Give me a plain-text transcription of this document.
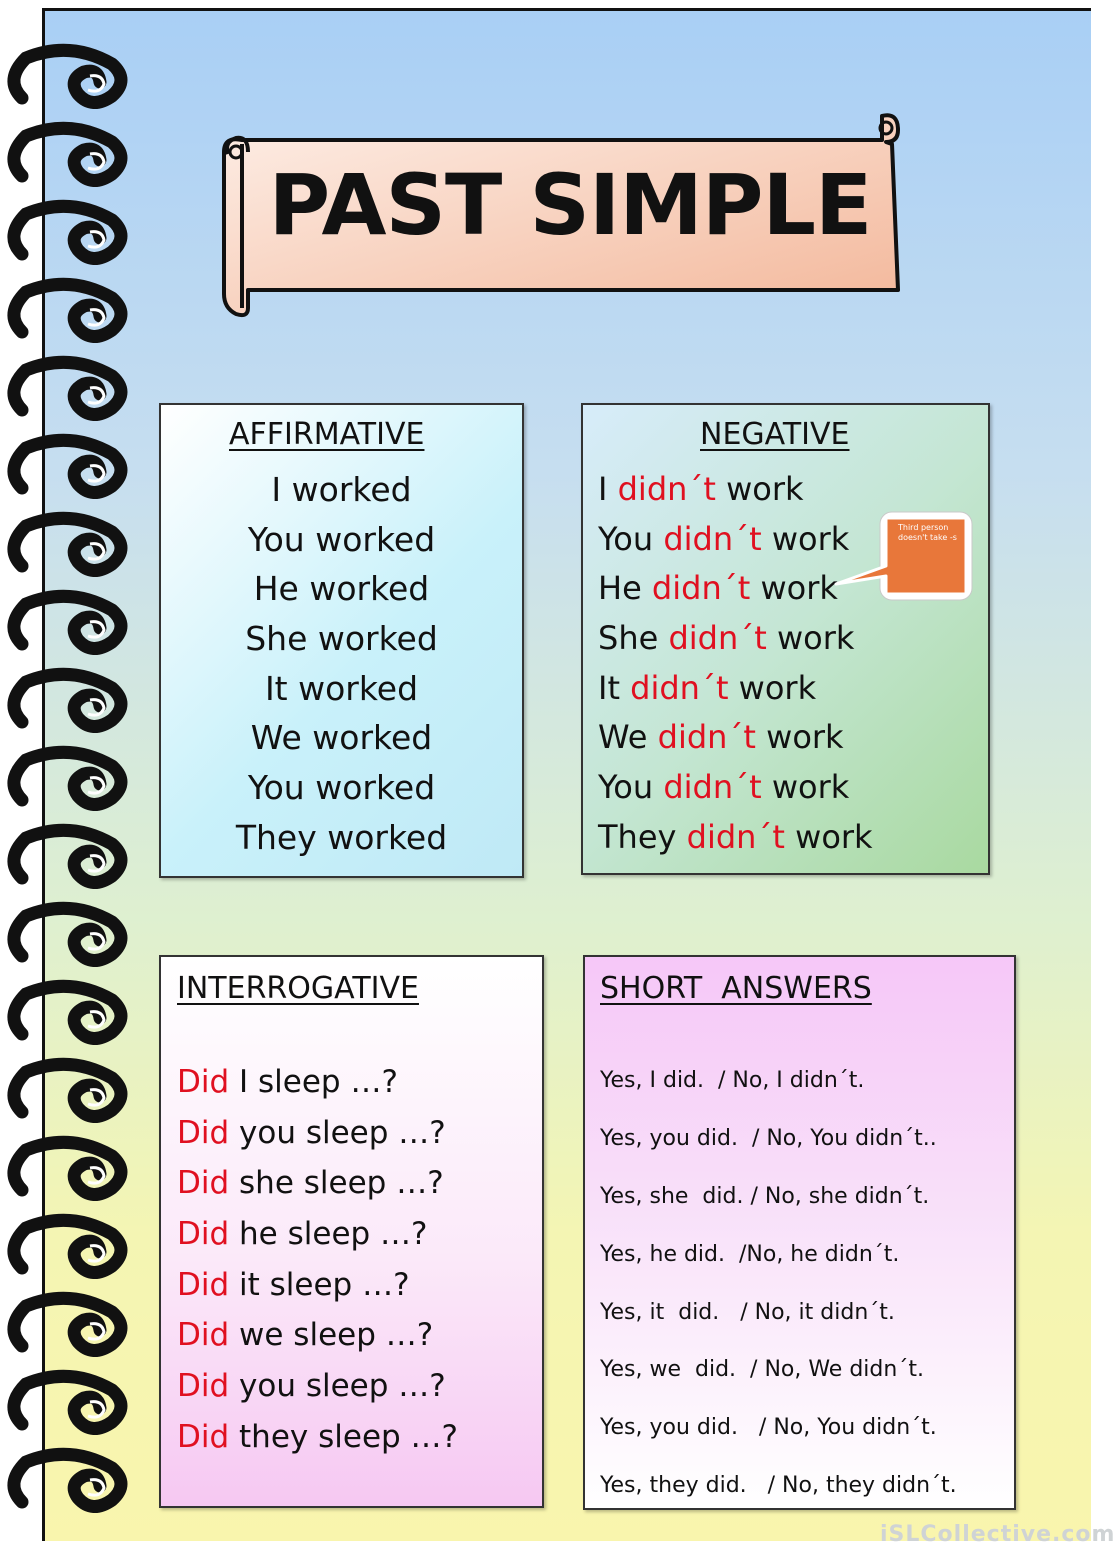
PAST SIMPLE
AFFIRMATIVE
I worked
You worked
He worked
She worked
It worked
We worked
You worked
They worked
NEGATIVE
I didn´t work
You didn´t work
He didn´t work
She didn´t work
It didn´t work
We didn´t work
You didn´t work
They didn´t work
Third person doesn't take -s
INTERROGATIVE
Did I sleep …?
Did you sleep …?
Did she sleep …?
Did he sleep …?
Did it sleep …?
Did we sleep …?
Did you sleep …?
Did they sleep …?
SHORT  ANSWERS
Yes, I did.  / No, I didn´t.
Yes, you did.  / No, You didn´t..
Yes, she  did. / No, she didn´t.
Yes, he did.  /No, he didn´t.
Yes, it  did.   / No, it didn´t.
Yes, we  did.  / No, We didn´t.
Yes, you did.   / No, You didn´t.
Yes, they did.   / No, they didn´t.
iSLCollective.com
